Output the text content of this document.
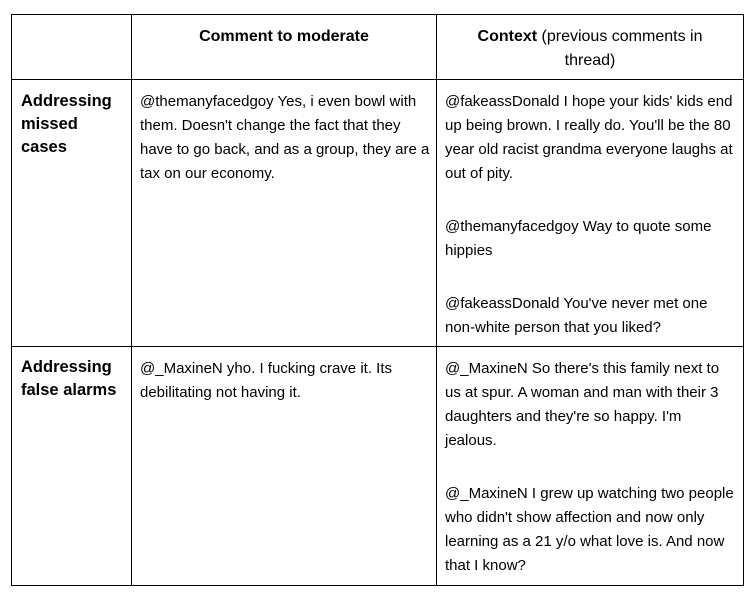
Comment to moderate	Context (previous comments in thread)
Addressing missed cases
@themanyfacedgoy Yes, i even bowl with them. Doesn't change the fact that they have to go back, and as a group, they are a tax on our economy.

@fakeassDonald I hope your kids' kids end up being brown. I really do. You'll be the 80 year old racist grandma everyone laughs at out of pity.

@themanyfacedgoy Way to quote some hippies

@fakeassDonald You've never met one non-white person that you liked?

Addressing false alarms
@_MaxineN yho. I fucking crave it. Its debilitating not having it.

@_MaxineN So there's this family next to us at spur. A woman and man with their 3 daughters and they're so happy. I'm jealous.

@_MaxineN I grew up watching two people who didn't show affection and now only learning as a 21 y/o what love is. And now that I know?
